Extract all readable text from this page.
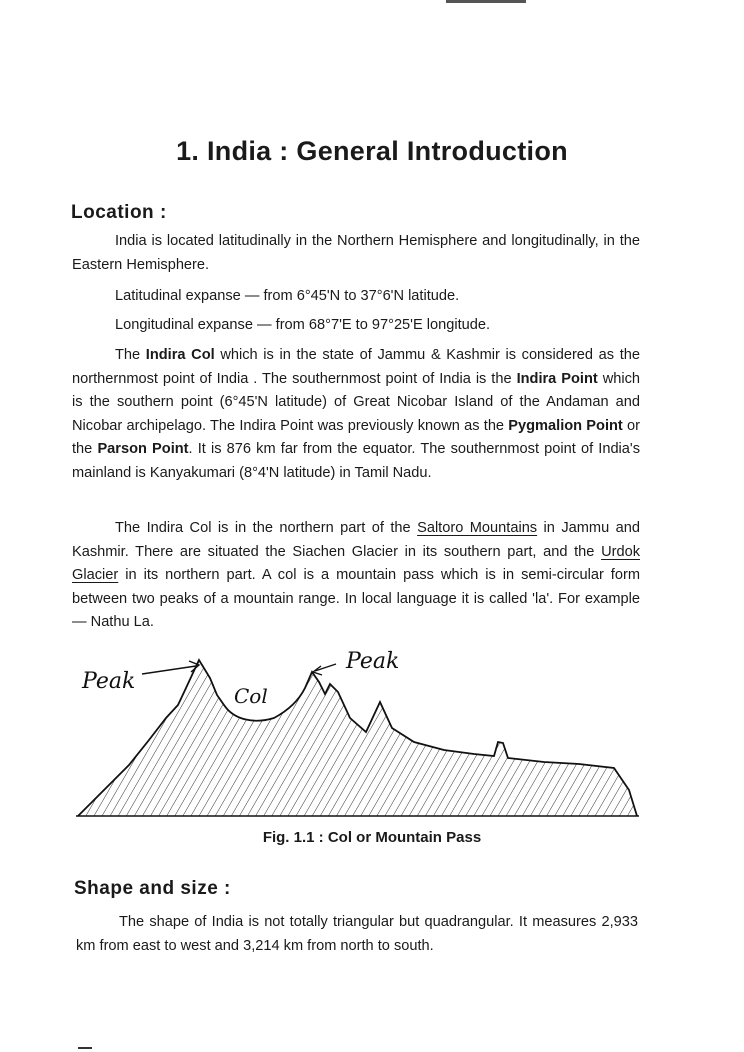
1. India : General Introduction
Location :

India is located latitudinally in the Northern Hemisphere and longitudinally, in the Eastern Hemisphere.

Latitudinal expanse — from 6°45'N to 37°6'N latitude.

Longitudinal expanse — from 68°7'E to 97°25'E longitude.

The Indira Col which is in the state of Jammu & Kashmir is considered as the northernmost point of India . The southernmost point of India is the Indira Point which is the southern point (6°45'N latitude) of Great Nicobar Island of the Andaman and Nicobar archipelago. The Indira Point was previously known as the Pygmalion Point or the Parson Point. It is 876 km far from the equator. The southernmost point of India's mainland is Kanyakumari (8°4'N latitude) in Tamil Nadu.

The Indira Col is in the northern part of the Saltoro Mountains in Jammu and Kashmir. There are situated the Siachen Glacier in its southern part, and the Urdok Glacier in its northern part. A col is a mountain pass which is in semi-circular form between two peaks of a mountain range. In local language it is called 'la'. For example — Nathu La.

Peak
Col
Peak

Fig. 1.1 : Col or Mountain Pass

Shape and size :

The shape of India is not totally triangular but quadrangular. It measures 2,933 km from east to west and 3,214 km from north to south.
